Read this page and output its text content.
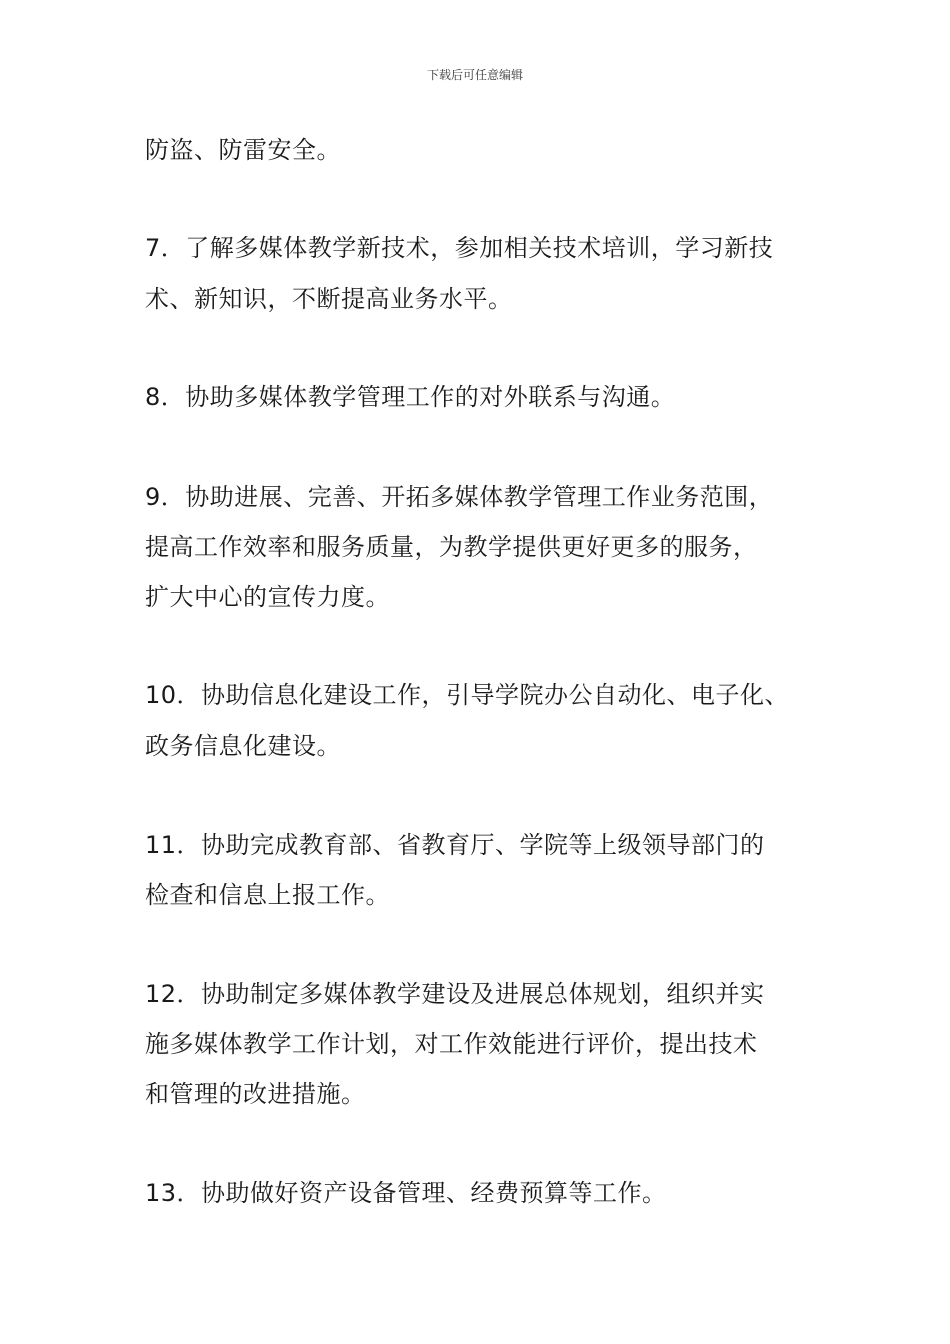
下载后可任意编辑
防盗、防雷安全。
7．了解多媒体教学新技术，参加相关技术培训，学习新技
术、新知识，不断提高业务水平。
8．协助多媒体教学管理工作的对外联系与沟通。
9．协助进展、完善、开拓多媒体教学管理工作业务范围，
提高工作效率和服务质量，为教学提供更好更多的服务，
扩大中心的宣传力度。
10．协助信息化建设工作，引导学院办公自动化、电子化、
政务信息化建设。
11．协助完成教育部、省教育厅、学院等上级领导部门的
检查和信息上报工作。
12．协助制定多媒体教学建设及进展总体规划，组织并实
施多媒体教学工作计划，对工作效能进行评价，提出技术
和管理的改进措施。
13．协助做好资产设备管理、经费预算等工作。
